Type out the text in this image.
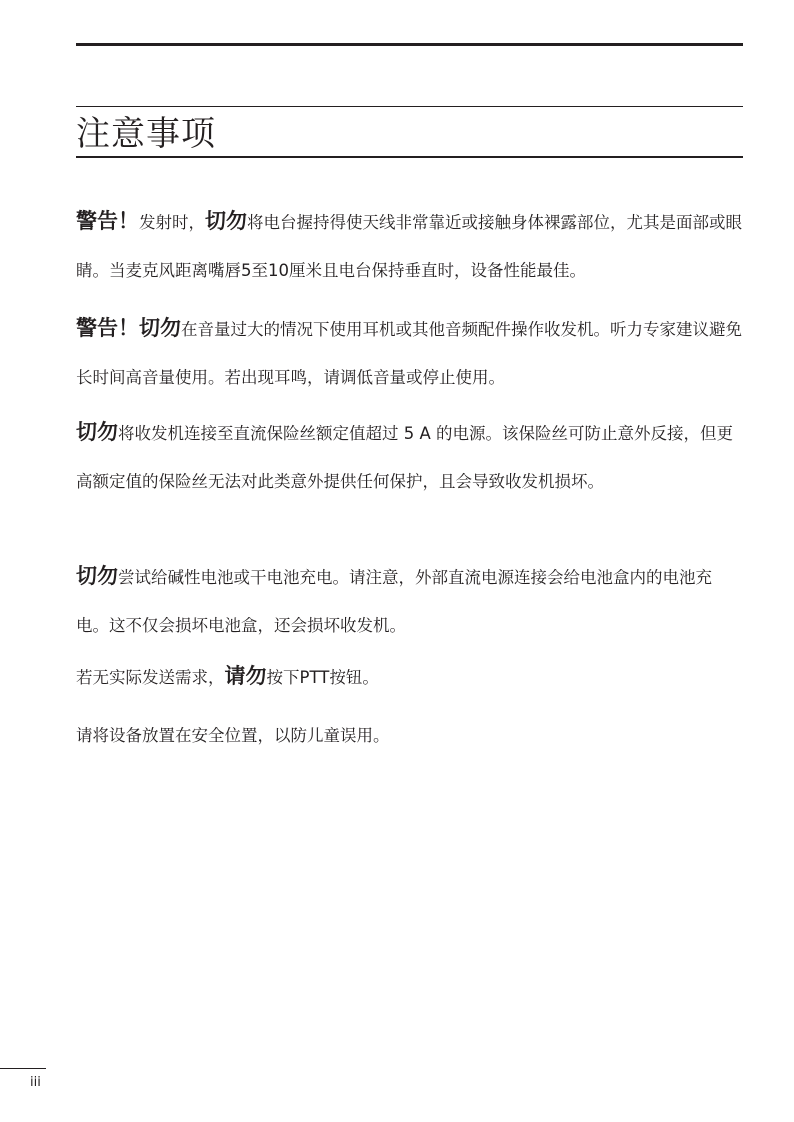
注意事项

警告！发射时，切勿将电台握持得使天线非常靠近或接触身体裸露部位，尤其是面部或眼睛。当麦克风距离嘴唇5至10厘米且电台保持垂直时，设备性能最佳。

警告！切勿在音量过大的情况下使用耳机或其他音频配件操作收发机。听力专家建议避免长时间高音量使用。若出现耳鸣，请调低音量或停止使用。

切勿将收发机连接至直流保险丝额定值超过 5 A 的电源。该保险丝可防止意外反接，但更高额定值的保险丝无法对此类意外提供任何保护，且会导致收发机损坏。

切勿尝试给碱性电池或干电池充电。请注意，外部直流电源连接会给电池盒内的电池充电。这不仅会损坏电池盒，还会损坏收发机。

若无实际发送需求，请勿按下PTT按钮。

请将设备放置在安全位置，以防儿童误用。

iii
